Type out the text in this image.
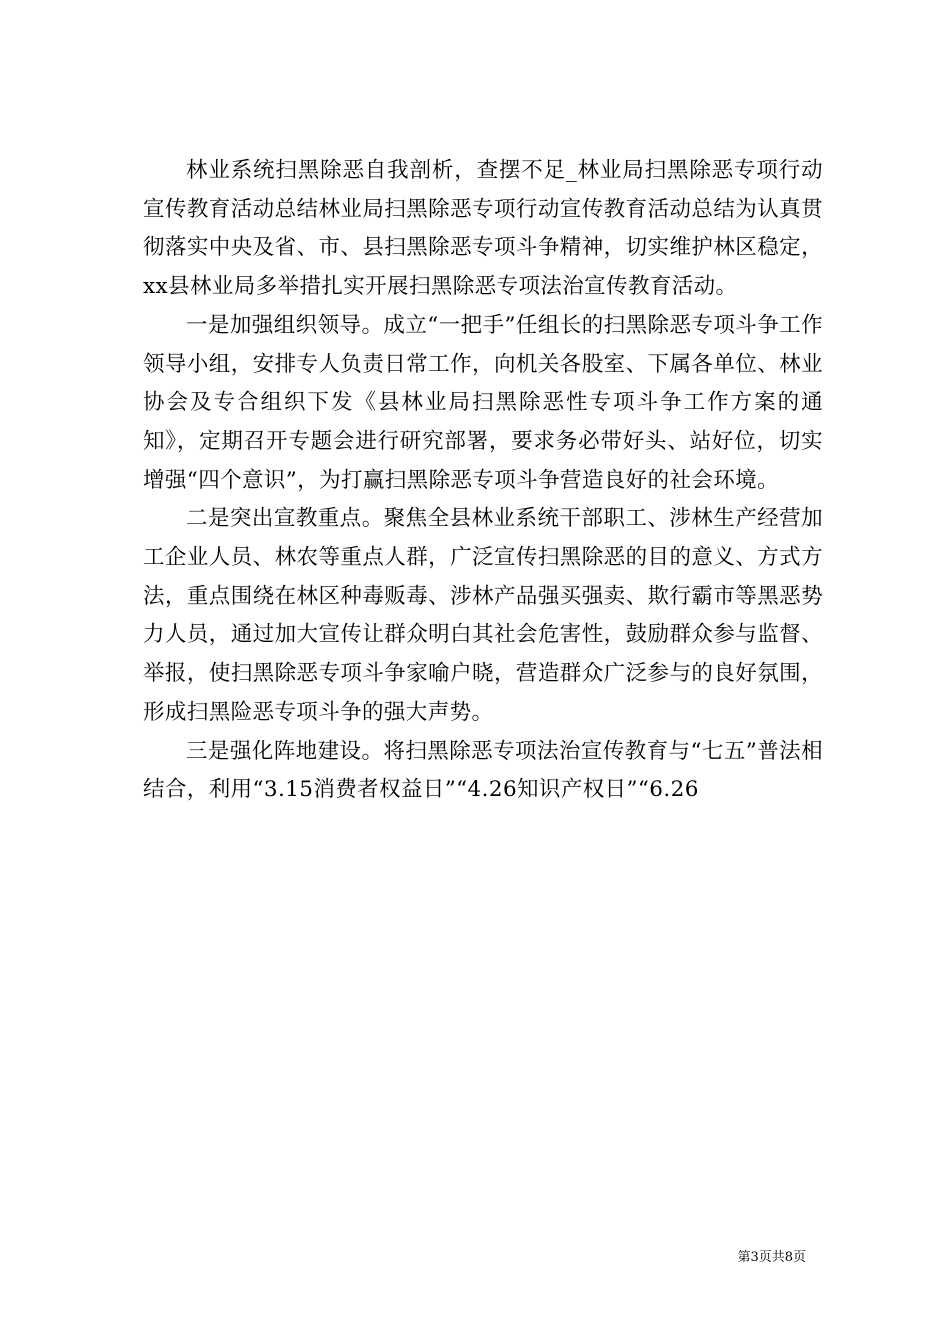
林业系统扫黑除恶自我剖析，查摆不足_林业局扫黑除恶专项行动宣传教育活动总结林业局扫黑除恶专项行动宣传教育活动总结为认真贯彻落实中央及省、市、县扫黑除恶专项斗争精神，切实维护林区稳定，xx县林业局多举措扎实开展扫黑除恶专项法治宣传教育活动。

一是加强组织领导。成立“一把手”任组长的扫黑除恶专项斗争工作领导小组，安排专人负责日常工作，向机关各股室、下属各单位、林业协会及专合组织下发《县林业局扫黑除恶性专项斗争工作方案的通知》，定期召开专题会进行研究部署，要求务必带好头、站好位，切实增强“四个意识”，为打赢扫黑除恶专项斗争营造良好的社会环境。

二是突出宣教重点。聚焦全县林业系统干部职工、涉林生产经营加工企业人员、林农等重点人群，广泛宣传扫黑除恶的目的意义、方式方法，重点围绕在林区种毒贩毒、涉林产品强买强卖、欺行霸市等黑恶势力人员，通过加大宣传让群众明白其社会危害性，鼓励群众参与监督、举报，使扫黑除恶专项斗争家喻户晓，营造群众广泛参与的良好氛围，形成扫黑险恶专项斗争的强大声势。

三是强化阵地建设。将扫黑除恶专项法治宣传教育与“七五”普法相结合，利用“3.15消费者权益日”“4.26知识产权日”“6.26

第3页共8页
